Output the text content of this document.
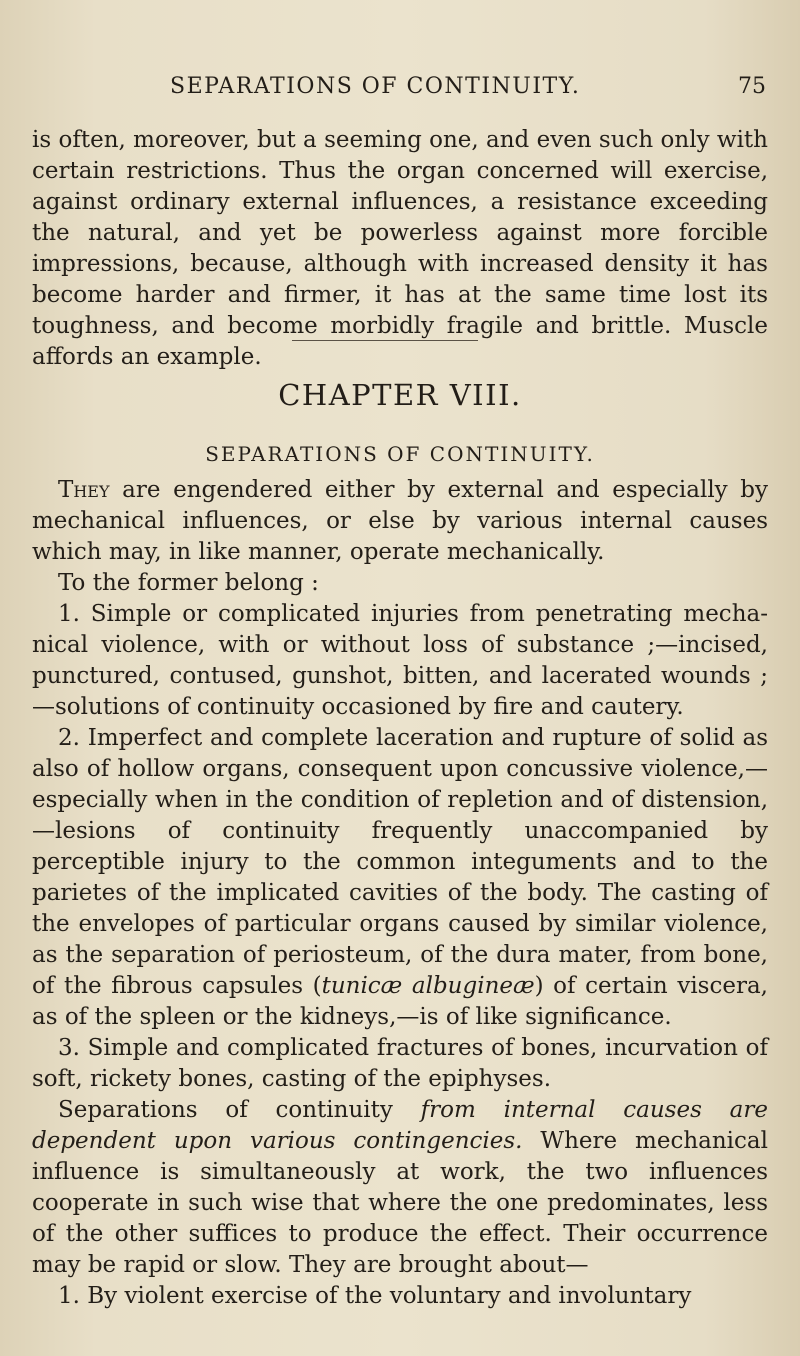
SEPARATIONS OF CONTINUITY.	75

is often, moreover, but a seeming one, and even such only with certain restrictions. Thus the organ concerned will exercise, against ordinary external influences, a resistance exceeding the natural, and yet be powerless against more forcible impressions, because, although with increased density it has become harder and firmer, it has at the same time lost its toughness, and become morbidly fragile and brittle. Muscle affords an example.

CHAPTER VIII.
SEPARATIONS OF CONTINUITY.

They are engendered either by external and especially by mechanical influences, or else by various internal causes which may, in like manner, operate mechanically.

To the former belong :

1. Simple or complicated injuries from penetrating mecha-nical violence, with or without loss of substance ;—incised, punctured, contused, gunshot, bitten, and lacerated wounds ;—solutions of continuity occasioned by fire and cautery.

2. Imperfect and complete laceration and rupture of solid as also of hollow organs, consequent upon concussive violence,—especially when in the condition of repletion and of distension, —lesions of continuity frequently unaccompanied by perceptible injury to the common integuments and to the parietes of the implicated cavities of the body. The casting of the envelopes of particular organs caused by similar violence, as the separation of periosteum, of the dura mater, from bone, of the fibrous capsules (tunicæ albugineæ) of certain viscera, as of the spleen or the kidneys,—is of like significance.

3. Simple and complicated fractures of bones, incurvation of soft, rickety bones, casting of the epiphyses.

Separations of continuity from internal causes are dependent upon various contingencies. Where mechanical influence is simultaneously at work, the two influences cooperate in such wise that where the one predominates, less of the other suffices to produce the effect. Their occurrence may be rapid or slow. They are brought about—

1. By violent exercise of the voluntary and involuntary
